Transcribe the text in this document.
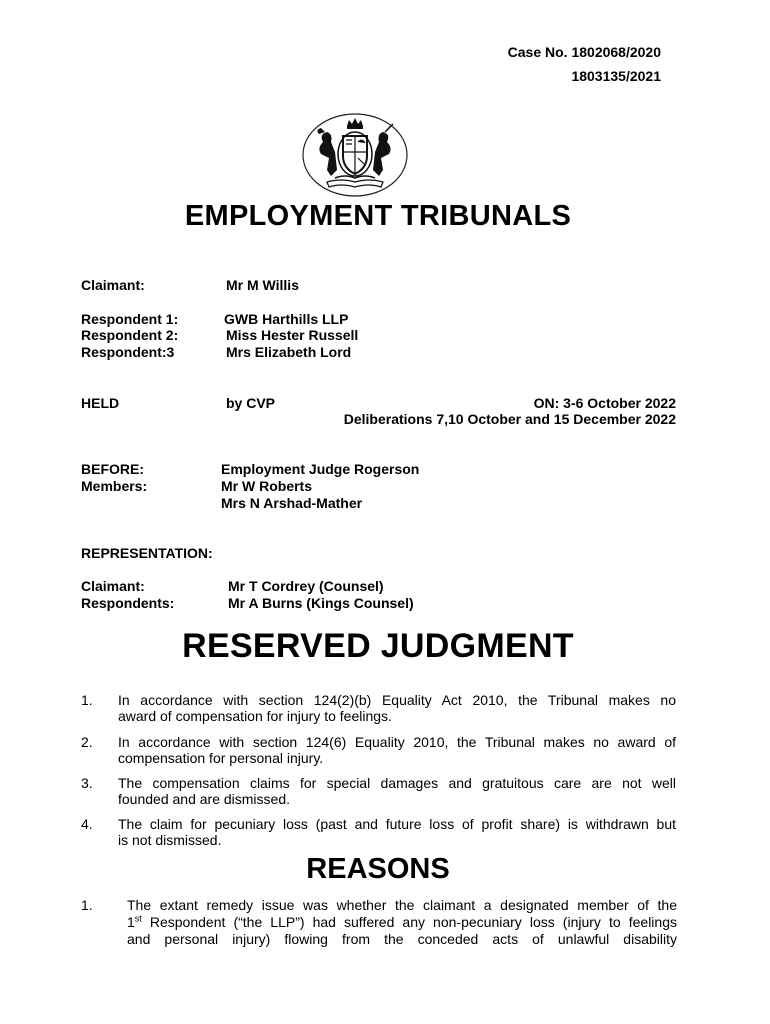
Case No. 1802068/2020
1803135/2021
EMPLOYMENT TRIBUNALS
Claimant:	Mr M Willis
Respondent 1:	GWB Harthills LLP
Respondent 2:	Miss Hester Russell
Respondent:3	Mrs Elizabeth Lord
HELD	by CVP	ON: 3-6 October 2022
Deliberations 7,10 October and 15 December 2022
BEFORE:	Employment Judge Rogerson
Members:	Mr W Roberts
Mrs N Arshad-Mather
REPRESENTATION:
Claimant:	Mr T Cordrey (Counsel)
Respondents:	Mr A Burns (Kings Counsel)
RESERVED JUDGMENT
1. In accordance with section 124(2)(b) Equality Act 2010, the Tribunal makes no
award of compensation for injury to feelings.
2. In accordance with section 124(6) Equality 2010, the Tribunal makes no award of
compensation for personal injury.
3. The compensation claims for special damages and gratuitous care are not well
founded and are dismissed.
4. The claim for pecuniary loss (past and future loss of profit share) is withdrawn but
is not dismissed.
REASONS
1. The extant remedy issue was whether the claimant a designated member of the
1st Respondent (“the LLP”) had suffered any non-pecuniary loss (injury to feelings
and personal injury) flowing from the conceded acts of unlawful disability
